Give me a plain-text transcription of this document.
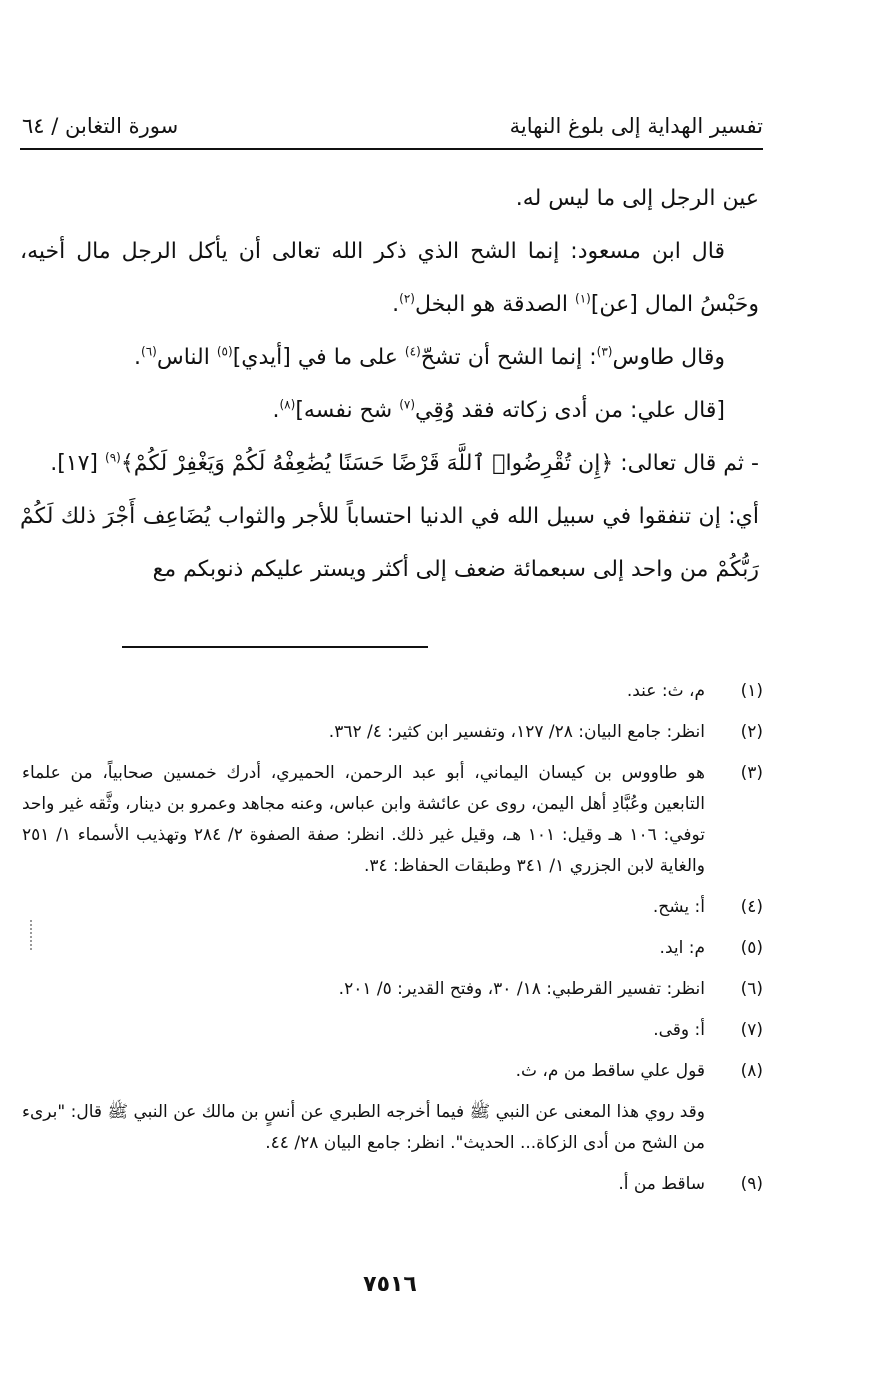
تفسير الهداية إلى بلوغ النهاية
سورة التغابن / ٦٤

عين الرجل إلى ما ليس له.

قال ابن مسعود: إنما الشح الذي ذكر الله تعالى أن يأكل الرجل مال أخيه، وحَبْسُ المال [عن]$^{(١)}$ الصدقة هو البخل$^{(٢)}$.

وقال طاوس$^{(٣)}$: إنما الشح أن تشحّ$^{(٤)}$ على ما في [أيدي]$^{(٥)}$ الناس$^{(٦)}$.

[قال علي: من أدى زكاته فقد وُقِي$^{(٧)}$ شح نفسه]$^{(٨)}$.

- ثم قال تعالى: ﴿إِن تُقْرِضُوا۟ ٱللَّهَ قَرْضًا حَسَنًا يُضَٰعِفْهُ لَكُمْ وَيَغْفِرْ لَكُمْ﴾$^{(٩)}$ [١٧].

أي: إن تنفقوا في سبيل الله في الدنيا احتساباً للأجر والثواب يُضَاعِف أَجْرَ ذلك لَكُمْ رَبُّكُمْ من واحد إلى سبعمائة ضعف إلى أكثر ويستر عليكم ذنوبكم مع

(١)
م، ث: عند.
(٢)
انظر: جامع البيان: ٢٨/ ١٢٧، وتفسير ابن كثير: ٤/ ٣٦٢.
(٣)
هو طاووس بن كيسان اليماني، أبو عبد الرحمن، الحميري، أدرك خمسين صحابياً، من علماء التابعين وعُبَّادِ أهل اليمن، روى عن عائشة وابن عباس، وعنه مجاهد وعمرو بن دينار، وثَّقه غير واحد توفي: ١٠٦ هـ وقيل: ١٠١ هـ، وقيل غير ذلك. انظر: صفة الصفوة ٢/ ٢٨٤ وتهذيب الأسماء ١/ ٢٥١ والغاية لابن الجزري ١/ ٣٤١ وطبقات الحفاظ: ٣٤.
(٤)
أ: يشح.
(٥)
م: ايد.
(٦)
انظر: تفسير القرطبي: ١٨/ ٣٠، وفتح القدير: ٥/ ٢٠١.
(٧)
أ: وقى.
(٨)
قول علي ساقط من م، ث.
وقد روي هذا المعنى عن النبي ﷺ فيما أخرجه الطبري عن أنسٍ بن مالك عن النبي ﷺ قال: "برىء من الشح من أدى الزكاة... الحديث". انظر: جامع البيان ٢٨/ ٤٤.
(٩)
ساقط من أ.
٧٥١٦
